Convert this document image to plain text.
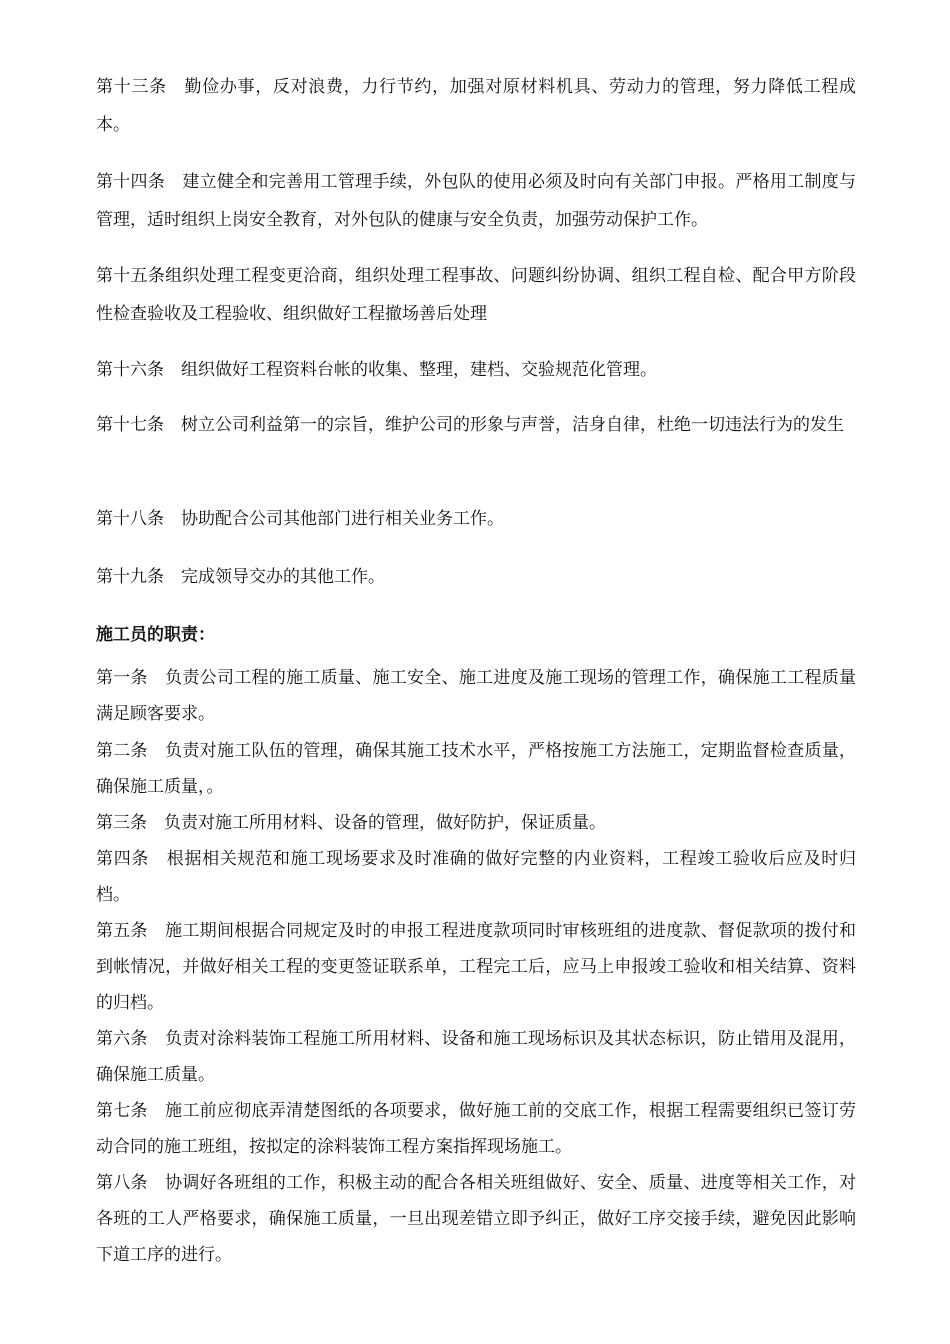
第十三条　勤俭办事，反对浪费，力行节约，加强对原材料机具、劳动力的管理，努力降低工程成本。

第十四条　建立健全和完善用工管理手续，外包队的使用必须及时向有关部门申报。严格用工制度与管理，适时组织上岗安全教育，对外包队的健康与安全负责，加强劳动保护工作。

第十五条组织处理工程变更洽商，组织处理工程事故、问题纠纷协调、组织工程自检、配合甲方阶段性检查验收及工程验收、组织做好工程撤场善后处理

第十六条　组织做好工程资料台帐的收集、整理，建档、交验规范化管理。

第十七条　树立公司利益第一的宗旨，维护公司的形象与声誉，洁身自律，杜绝一切违法行为的发生

第十八条　协助配合公司其他部门进行相关业务工作。

第十九条　完成领导交办的其他工作。

施工员的职责：

第一条　负责公司工程的施工质量、施工安全、施工进度及施工现场的管理工作，确保施工工程质量满足顾客要求。

第二条　负责对施工队伍的管理，确保其施工技术水平，严格按施工方法施工，定期监督检查质量，确保施工质量，。

第三条　负责对施工所用材料、设备的管理，做好防护，保证质量。

第四条　根据相关规范和施工现场要求及时准确的做好完整的内业资料，工程竣工验收后应及时归档。

第五条　施工期间根据合同规定及时的申报工程进度款项同时审核班组的进度款、督促款项的拨付和到帐情况，并做好相关工程的变更签证联系单，工程完工后，应马上申报竣工验收和相关结算、资料的归档。

第六条　负责对涂料装饰工程施工所用材料、设备和施工现场标识及其状态标识，防止错用及混用，确保施工质量。

第七条　施工前应彻底弄清楚图纸的各项要求，做好施工前的交底工作，根据工程需要组织已签订劳动合同的施工班组，按拟定的涂料装饰工程方案指挥现场施工。

第八条　协调好各班组的工作，积极主动的配合各相关班组做好、安全、质量、进度等相关工作，对各班的工人严格要求，确保施工质量，一旦出现差错立即予纠正，做好工序交接手续，避免因此影响下道工序的进行。
